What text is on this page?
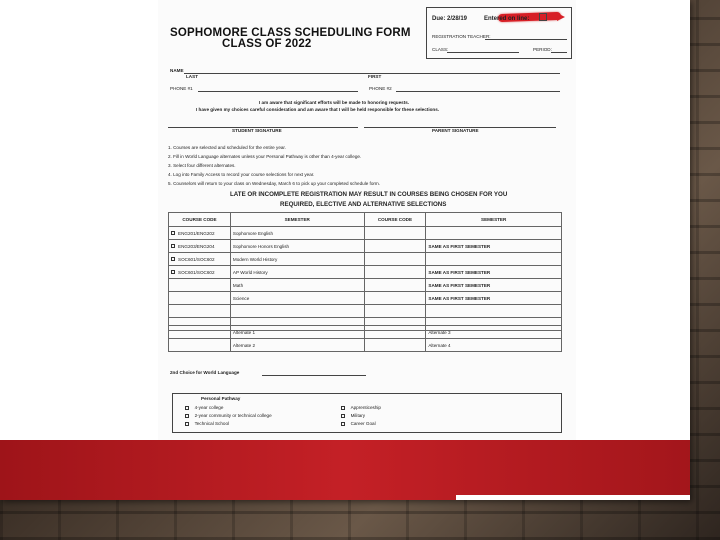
SOPHOMORE CLASS SCHEDULING FORM
CLASS OF 2022
Due: 2/28/19	Entered on line:
REGISTRATION TEACHER:
CLASS:	PERIOD:
NAME
LAST	FIRST
PHONE #1	PHONE #2
I am aware that significant efforts will be made to honoring requests.
I have given my choices careful consideration and am aware that I will be held responsible for these selections.
STUDENT SIGNATURE	PARENT SIGNATURE
1. Courses are selected and scheduled for the entire year.
2. Fill in World Language alternates unless your Personal Pathway is other than 4-year college.
3. Select four different alternates.
4. Log into Family Access to record your course selections for next year.
5. Counselors will return to your class on Wednesday, March 6 to pick up your completed schedule form.
LATE OR INCOMPLETE REGISTRATION MAY RESULT IN COURSES BEING CHOSEN FOR YOU
REQUIRED, ELECTIVE AND ALTERNATIVE SELECTIONS
COURSE CODE	SEMESTER	COURSE CODE	SEMESTER
ENG201/ENG202	Sophomore English		
ENG203/ENG204	Sophomore Honors English		SAME AS FIRST SEMESTER
SOC601/SOC602	Modern World History		
SOC601/SOC602	AP World History		SAME AS FIRST SEMESTER
	Math		SAME AS FIRST SEMESTER
	Science		SAME AS FIRST SEMESTER

	Alternate 1		Alternate 3
	Alternate 2		Alternate 4
2nd Choice for World Language
Personal Pathway
4-year college
2-year community or technical college
Technical School
Apprenticeship
Military
Career Goal
